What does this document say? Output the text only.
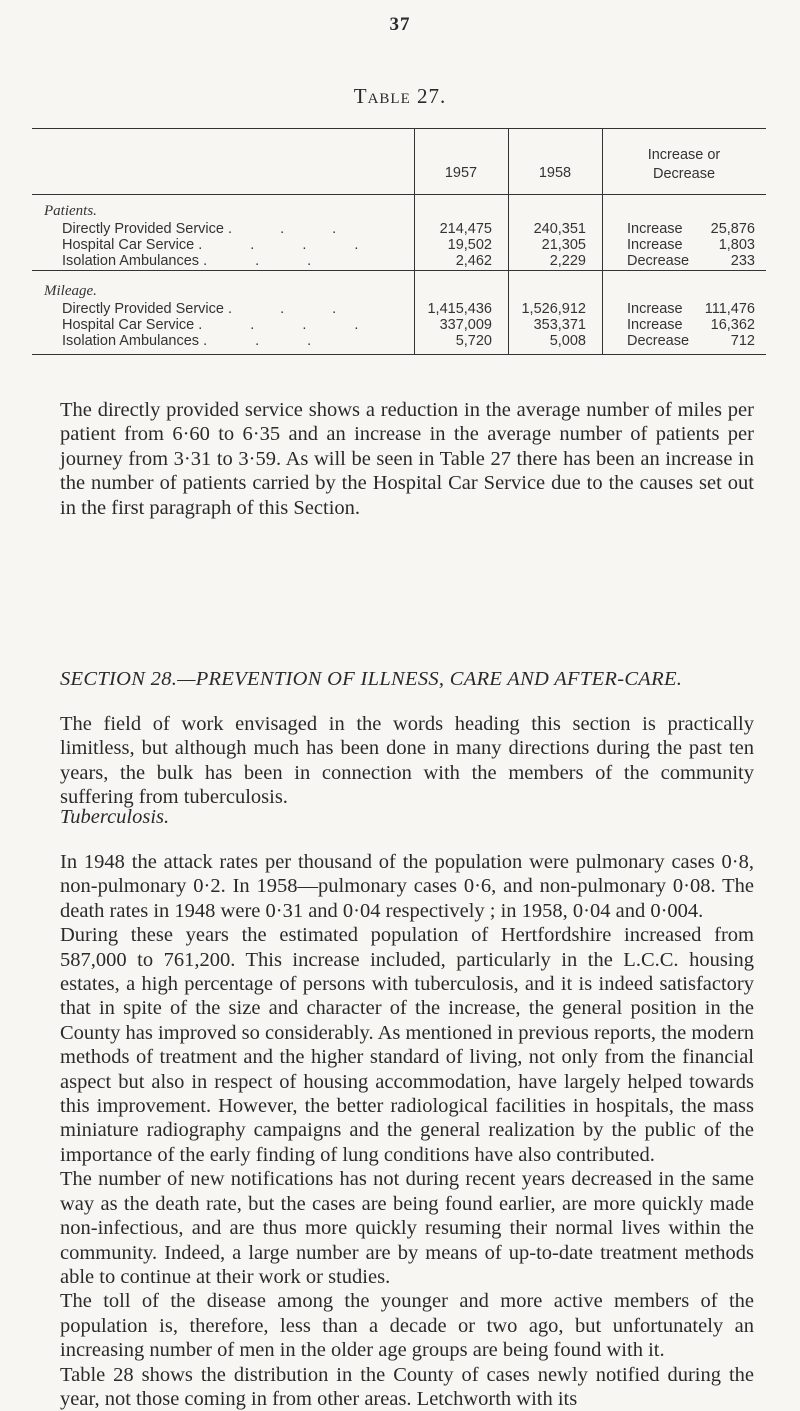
37
Table 27.
1957	1958
Increase or Decrease
Patients.
Directly Provided Service . . .	214,475	240,351	Increase 25,876
Hospital Car Service . . . .	19,502	21,305	Increase 1,803
Isolation Ambulances . . .	2,462	2,229	Decrease	233
Mileage.
Directly Provided Service . . .	1,415,436	1,526,912	Increase 111,476
Hospital Car Service . . . .	337,009	353,371	Increase 16,362
Isolation Ambulances . . .	5,720	5,008	Decrease	712

The directly provided service shows a reduction in the average number of miles per patient from 6·60 to 6·35 and an increase in the average number of patients per journey from 3·31 to 3·59. As will be seen in Table 27 there has been an increase in the number of patients carried by the Hospital Car Service due to the causes set out in the first paragraph of this Section.

SECTION 28.—PREVENTION OF ILLNESS, CARE AND AFTER-CARE.

The field of work envisaged in the words heading this section is practically limitless, but although much has been done in many directions during the past ten years, the bulk has been in connection with the members of the community suffering from tuberculosis.

Tuberculosis.

In 1948 the attack rates per thousand of the population were pulmonary cases 0·8, non-pulmonary 0·2. In 1958—pulmonary cases 0·6, and non-pulmonary 0·08. The death rates in 1948 were 0·31 and 0·04 respectively ; in 1958, 0·04 and 0·004.

During these years the estimated population of Hertfordshire increased from 587,000 to 761,200. This increase included, particularly in the L.C.C. housing estates, a high percentage of persons with tuberculosis, and it is indeed satisfactory that in spite of the size and character of the increase, the general position in the County has improved so considerably. As mentioned in previous reports, the modern methods of treatment and the higher standard of living, not only from the financial aspect but also in respect of housing accommodation, have largely helped towards this improvement. However, the better radiological facilities in hospitals, the mass miniature radiography campaigns and the general realization by the public of the importance of the early finding of lung conditions have also contributed.

The number of new notifications has not during recent years decreased in the same way as the death rate, but the cases are being found earlier, are more quickly made non-infectious, and are thus more quickly resuming their normal lives within the community. Indeed, a large number are by means of up-to-date treatment methods able to continue at their work or studies.

The toll of the disease among the younger and more active members of the population is, therefore, less than a decade or two ago, but unfortunately an increasing number of men in the older age groups are being found with it.

Table 28 shows the distribution in the County of cases newly notified during the year, not those coming in from other areas. Letchworth with its
